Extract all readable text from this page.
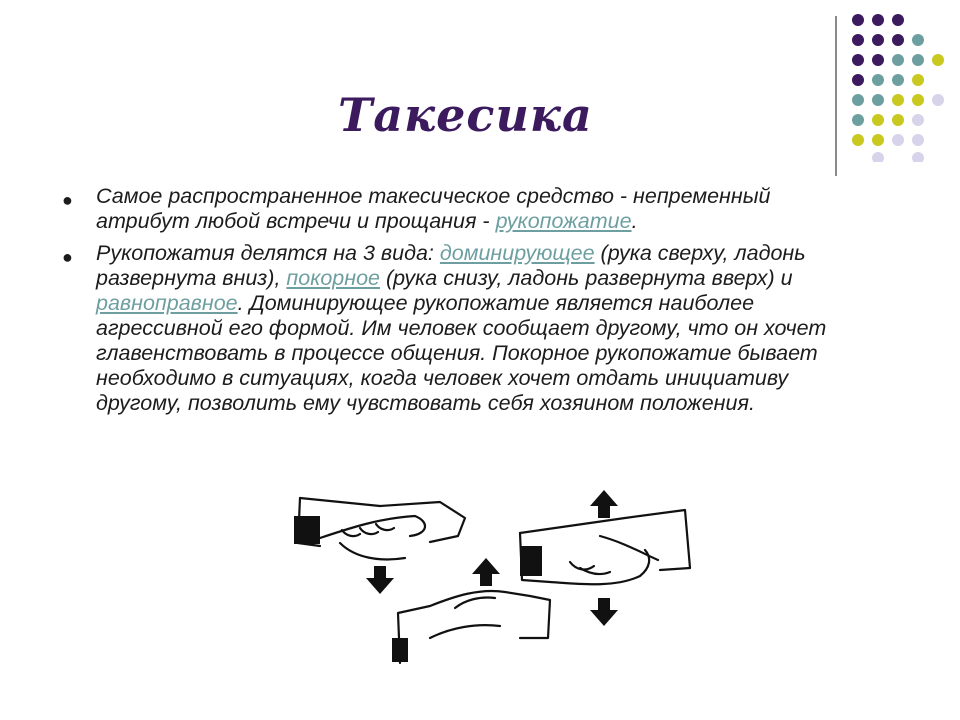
Такесика
● Самое распространенное такесическое средство - непременный атрибут любой встречи и прощания - рукопожатие.
● Рукопожатия делятся на 3 вида: доминирующее (рука сверху, ладонь развернута вниз), покорное (рука снизу, ладонь развернута вверх) и равноправное. Доминирующее рукопожатие является наиболее агрессивной его формой. Им человек сообщает другому, что он хочет главенствовать в процессе общения. Покорное рукопожатие бывает необходимо в ситуациях, когда человек хочет отдать инициативу другому, позволить ему чувствовать себя хозяином положения.
